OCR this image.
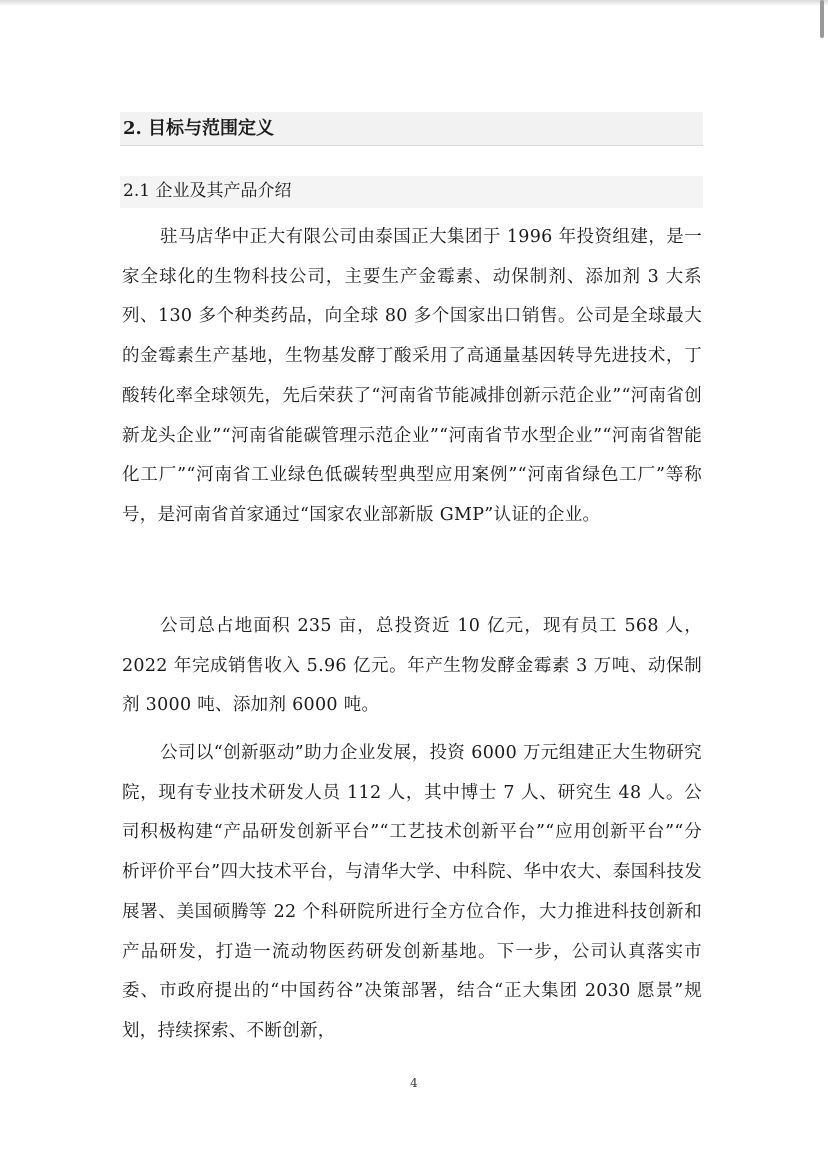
2. 目标与范围定义
2.1 企业及其产品介绍

驻马店华中正大有限公司由泰国正大集团于 1996 年投资组建，是一家全球化的生物科技公司，主要生产金霉素、动保制剂、添加剂 3 大系列、130 多个种类药品，向全球 80 多个国家出口销售。公司是全球最大的金霉素生产基地，生物基发酵丁酸采用了高通量基因转导先进技术，丁酸转化率全球领先，先后荣获了“河南省节能减排创新示范企业”“河南省创新龙头企业”“河南省能碳管理示范企业”“河南省节水型企业”“河南省智能化工厂”“河南省工业绿色低碳转型典型应用案例”“河南省绿色工厂”等称号，是河南省首家通过“国家农业部新版 GMP”认证的企业。

公司总占地面积 235 亩，总投资近 10 亿元，现有员工 568 人，2022 年完成销售收入 5.96 亿元。年产生物发酵金霉素 3 万吨、动保制剂 3000 吨、添加剂 6000 吨。

公司以“创新驱动”助力企业发展，投资 6000 万元组建正大生物研究院，现有专业技术研发人员 112 人，其中博士 7 人、研究生 48 人。公司积极构建“产品研发创新平台”“工艺技术创新平台”“应用创新平台”“分析评价平台”四大技术平台，与清华大学、中科院、华中农大、泰国科技发展署、美国硕腾等 22 个科研院所进行全方位合作，大力推进科技创新和产品研发，打造一流动物医药研发创新基地。下一步，公司认真落实市委、市政府提出的“中国药谷”决策部署，结合“正大集团 2030 愿景”规划，持续探索、不断创新，

4
